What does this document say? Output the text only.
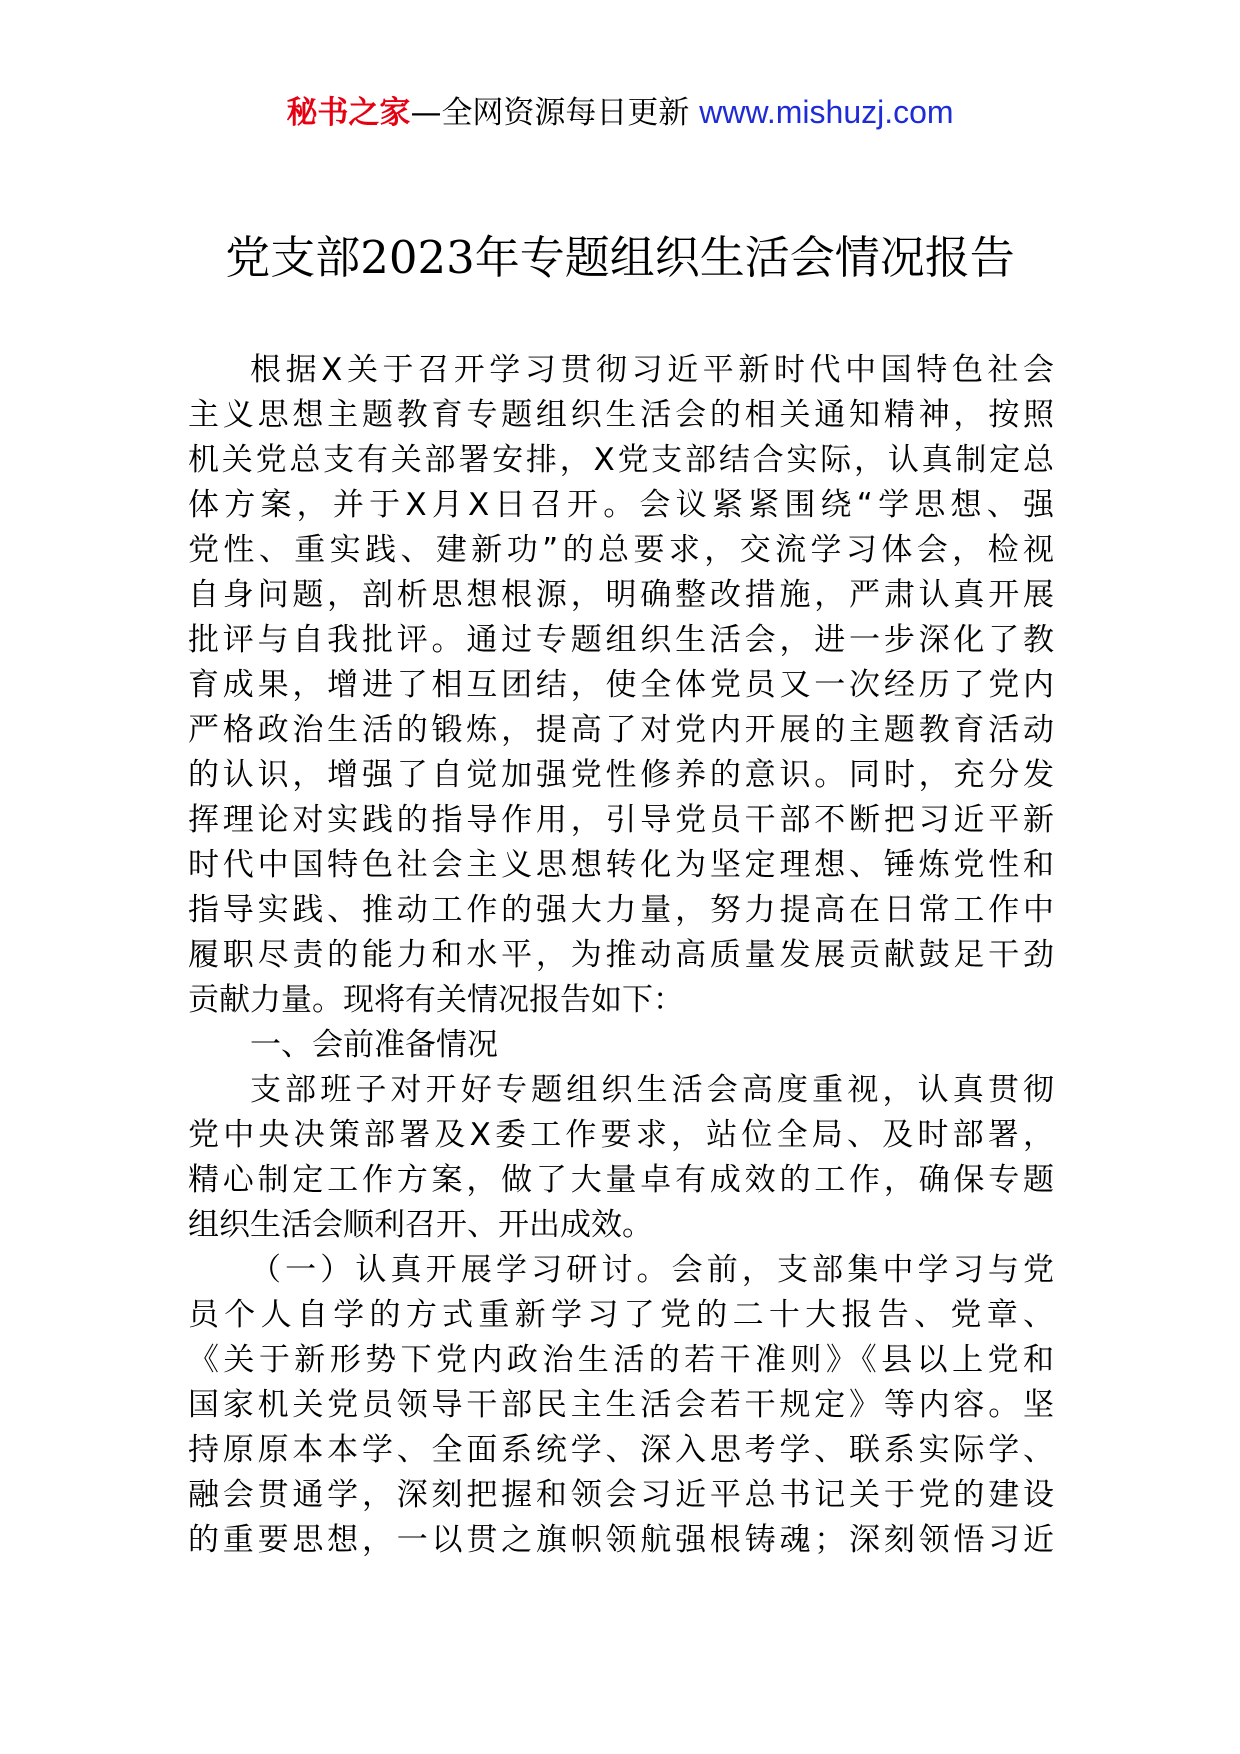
秘书之家—全网资源每日更新 www.mishuzj.com
党支部2023年专题组织生活会情况报告
根据X关于召开学习贯彻习近平新时代中国特色社会
主义思想主题教育专题组织生活会的相关通知精神，按照
机关党总支有关部署安排，X党支部结合实际，认真制定总
体方案，并于X月X日召开。会议紧紧围绕“学思想、强
党性、重实践、建新功”的总要求，交流学习体会，检视
自身问题，剖析思想根源，明确整改措施，严肃认真开展
批评与自我批评。通过专题组织生活会，进一步深化了教
育成果，增进了相互团结，使全体党员又一次经历了党内
严格政治生活的锻炼，提高了对党内开展的主题教育活动
的认识，增强了自觉加强党性修养的意识。同时，充分发
挥理论对实践的指导作用，引导党员干部不断把习近平新
时代中国特色社会主义思想转化为坚定理想、锤炼党性和
指导实践、推动工作的强大力量，努力提高在日常工作中
履职尽责的能力和水平，为推动高质量发展贡献鼓足干劲
贡献力量。现将有关情况报告如下：
一、会前准备情况
支部班子对开好专题组织生活会高度重视，认真贯彻
党中央决策部署及X委工作要求，站位全局、及时部署，
精心制定工作方案，做了大量卓有成效的工作，确保专题
组织生活会顺利召开、开出成效。
（一）认真开展学习研讨。会前，支部集中学习与党
员个人自学的方式重新学习了党的二十大报告、党章、
《关于新形势下党内政治生活的若干准则》《县以上党和
国家机关党员领导干部民主生活会若干规定》等内容。坚
持原原本本学、全面系统学、深入思考学、联系实际学、
融会贯通学，深刻把握和领会习近平总书记关于党的建设
的重要思想，一以贯之旗帜领航强根铸魂；深刻领悟习近
